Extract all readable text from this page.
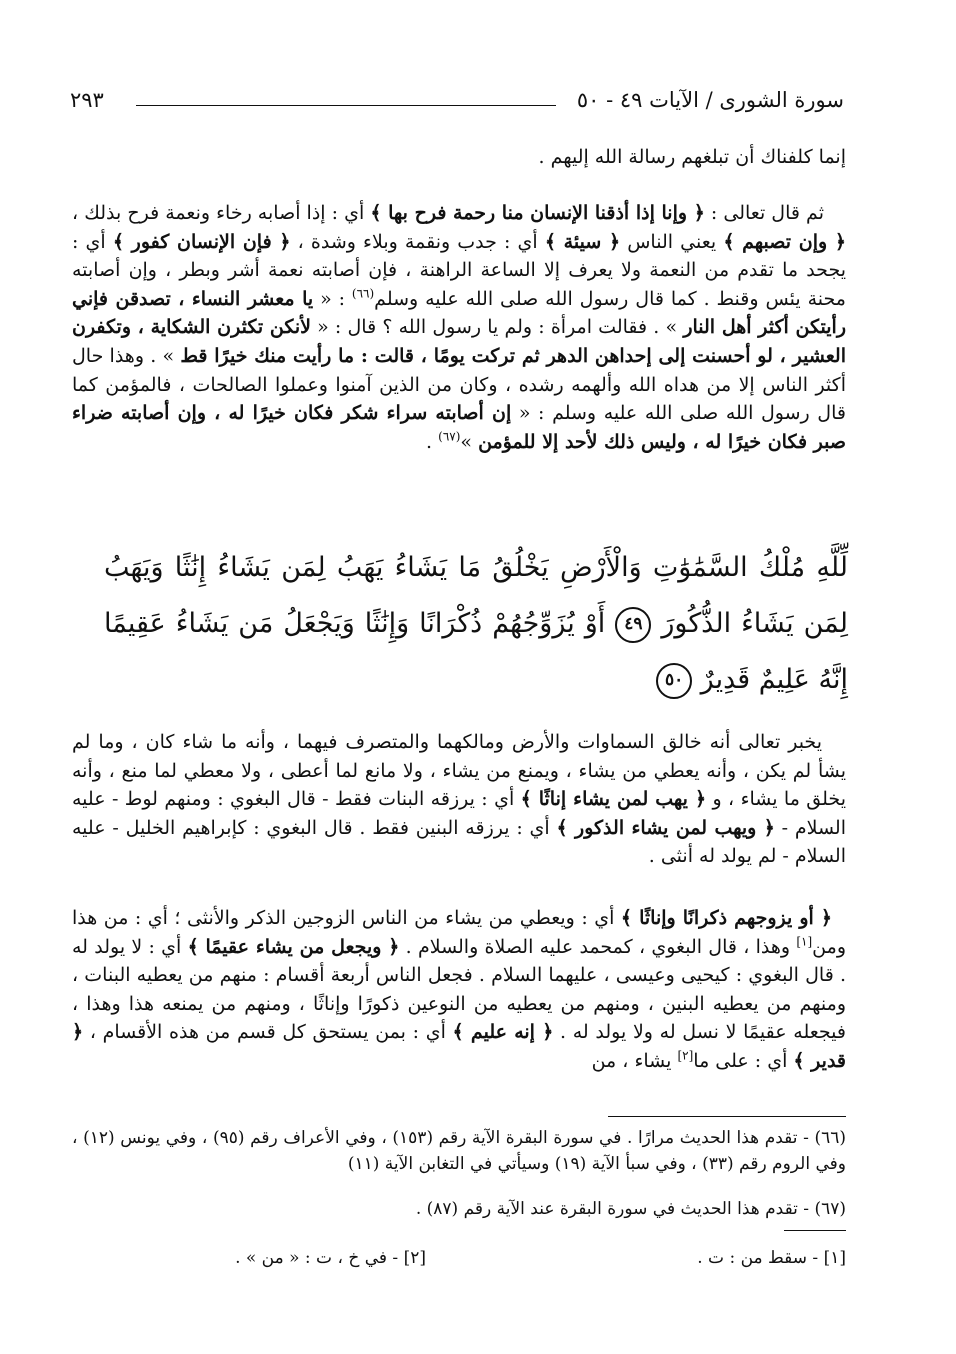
سورة الشورى / الآيات ٤٩ - ٥٠
٢٩٣
إنما كلفناك أن تبلغهم رسالة الله إليهم .
ثم قال تعالى : ﴿ وإنا إذا أذقنا الإنسان منا رحمة فرح بها ﴾ أي : إذا أصابه رخاء ونعمة فرح بذلك ، ﴿ وإن تصبهم ﴾ يعني الناس ﴿ سيئة ﴾ أي : جدب ونقمة وبلاء وشدة ، ﴿ فإن الإنسان كفور ﴾ أي : يجحد ما تقدم من النعمة ولا يعرف إلا الساعة الراهنة ، فإن أصابته نعمة أشر وبطر ، وإن أصابته محنة يئس وقنط . كما قال رسول الله صلى الله عليه وسلم$^{(٦٦)}$ : « يا معشر النساء ، تصدقن فإني رأيتكن أكثر أهل النار » . فقالت امرأة : ولم يا رسول الله ؟ قال : « لأنكن تكثرن الشكاية ، وتكفرن العشير ، لو أحسنت إلى إحداهن الدهر ثم تركت يومًا ، قالت : ما رأيت منك خيرًا قط » . وهذا حال أكثر الناس إلا من هداه الله وألهمه رشده ، وكان من الذين آمنوا وعملوا الصالحات ، فالمؤمن كما قال رسول الله صلى الله عليه وسلم : « إن أصابته سراء شكر فكان خيرًا له ، وإن أصابته ضراء صبر فكان خيرًا له ، وليس ذلك لأحد إلا للمؤمن »$^{(٦٧)}$ .
لِّلَّهِ مُلْكُ السَّمَٰوَٰتِ وَالْأَرْضِ يَخْلُقُ مَا يَشَاءُ يَهَبُ لِمَن يَشَاءُ إِنَٰثًا وَيَهَبُ لِمَن يَشَاءُ الذُّكُورَ ٤٩ أَوْ يُزَوِّجُهُمْ ذُكْرَانًا وَإِنَٰثًا وَيَجْعَلُ مَن يَشَاءُ عَقِيمًا إِنَّهُ عَلِيمٌ قَدِيرٌ ٥٠
يخبر تعالى أنه خالق السماوات والأرض ومالكهما والمتصرف فيهما ، وأنه ما شاء كان ، وما لم يشأ لم يكن ، وأنه يعطي من يشاء ، ويمنع من يشاء ، ولا مانع لما أعطى ، ولا معطي لما منع ، وأنه يخلق ما يشاء ، و ﴿ يهب لمن يشاء إناثًا ﴾ أي : يرزقه البنات فقط - قال البغوي : ومنهم لوط - عليه السلام - ﴿ ويهب لمن يشاء الذكور ﴾ أي : يرزقه البنين فقط . قال البغوي : كإبراهيم الخليل - عليه السلام - لم يولد له أنثى .
﴿ أو يزوجهم ذكرانًا وإناثًا ﴾ أي : ويعطي من يشاء من الناس الزوجين الذكر والأنثى ؛ أي : من هذا ومن[١] وهذا ، قال البغوي ، كمحمد عليه الصلاة والسلام . ﴿ ويجعل من يشاء عقيمًا ﴾ أي : لا يولد له . قال البغوي : كيحيى وعيسى ، عليهما السلام . فجعل الناس أربعة أقسام : منهم من يعطيه البنات ، ومنهم من يعطيه البنين ، ومنهم من يعطيه من النوعين ذكورًا وإناثًا ، ومنهم من يمنعه هذا وهذا ، فيجعله عقيمًا لا نسل له ولا يولد له . ﴿ إنه عليم ﴾ أي : بمن يستحق كل قسم من هذه الأقسام ، ﴿ قدير ﴾ أي : على ما[٢] يشاء ، من
(٦٦) - تقدم هذا الحديث مرارًا . في سورة البقرة الآية رقم (١٥٣) ، وفي الأعراف رقم (٩٥) ، وفي يونس (١٢) ، وفي الروم رقم (٣٣) ، وفي سبأ الآية (١٩) وسيأتي في التغابن الآية (١١)
(٦٧) - تقدم هذا الحديث في سورة البقرة عند الآية رقم (٨٧) .
[١] - سقط من : ت .
[٢] - في خ ، ت : « من » .
